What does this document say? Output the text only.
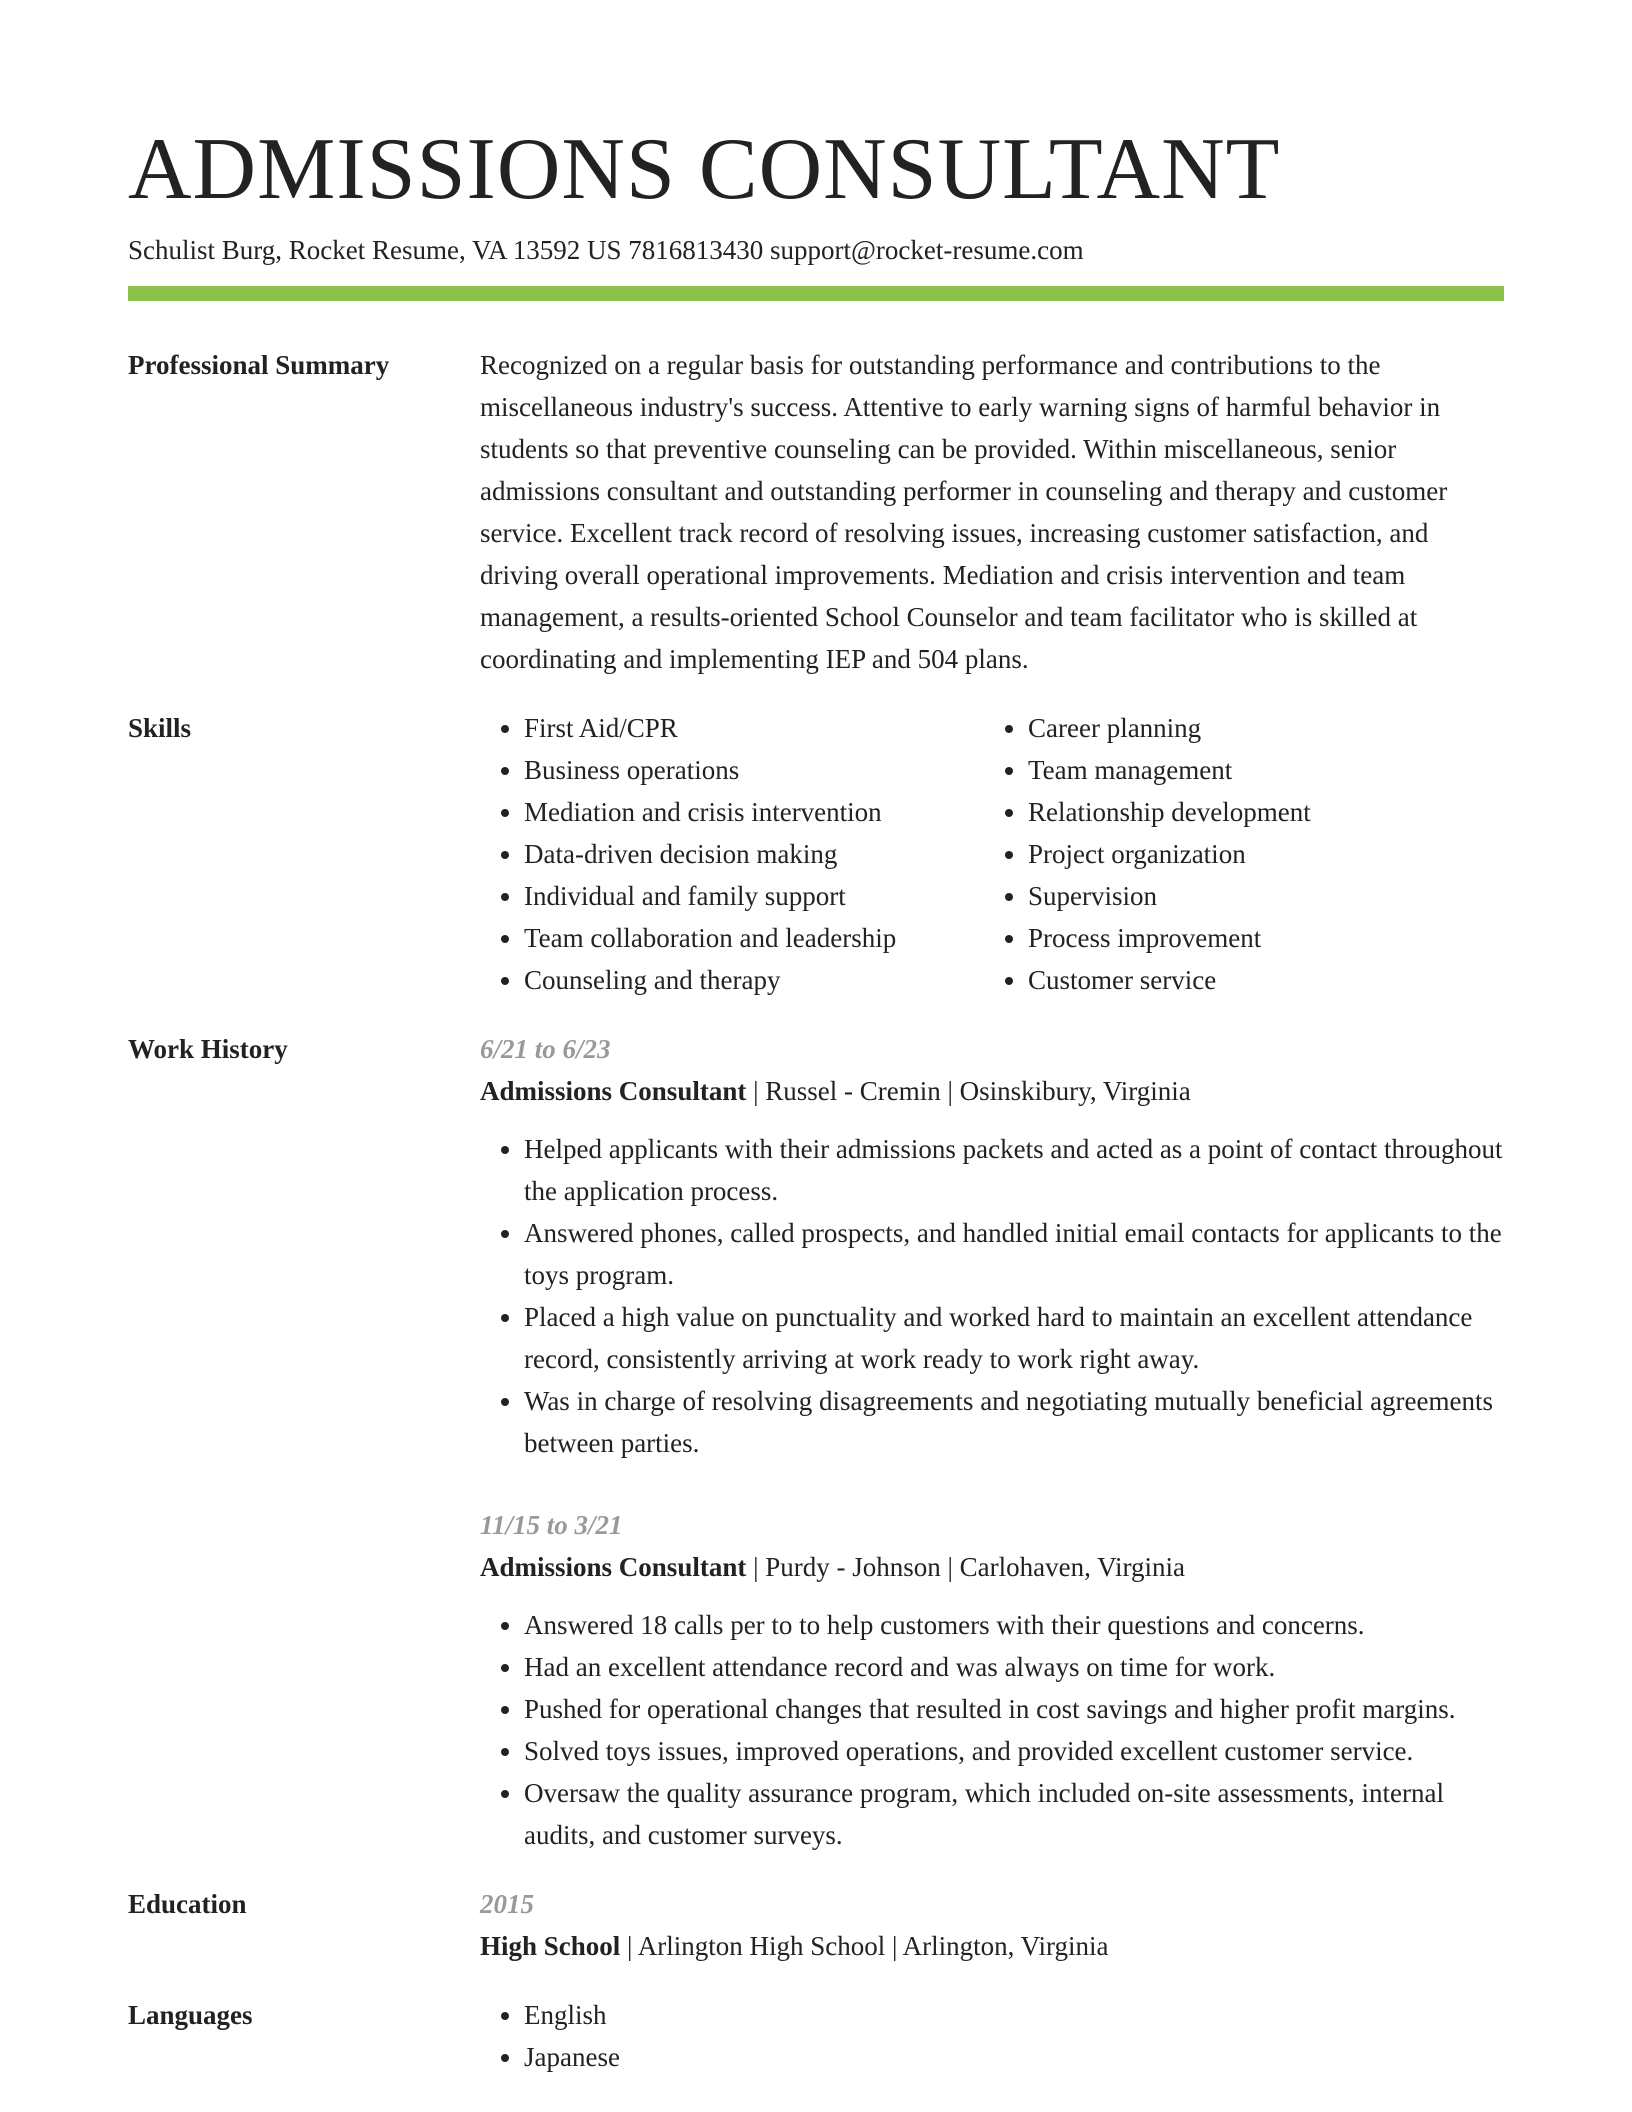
ADMISSIONS CONSULTANT
Schulist Burg, Rocket Resume, VA 13592 US 7816813430 support@rocket-resume.com
Professional Summary	Recognized on a regular basis for outstanding performance and contributions to the miscellaneous industry's success. Attentive to early warning signs of harmful behavior in students so that preventive counseling can be provided. Within miscellaneous, senior admissions consultant and outstanding performer in counseling and therapy and customer service. Excellent track record of resolving issues, increasing customer satisfaction, and driving overall operational improvements. Mediation and crisis intervention and team management, a results-oriented School Counselor and team facilitator who is skilled at coordinating and implementing IEP and 504 plans.

Skills	• First Aid/CPR
• Business operations
• Mediation and crisis intervention
• Data-driven decision making
• Individual and family support
• Team collaboration and leadership
• Counseling and therapy
• Career planning
• Team management
• Relationship development
• Project organization
• Supervision
• Process improvement
• Customer service
Work History	6/21 to 6/23
Admissions Consultant | Russel - Cremin | Osinskibury, Virginia
• Helped applicants with their admissions packets and acted as a point of contact throughout the application process.
• Answered phones, called prospects, and handled initial email contacts for applicants to the toys program.
• Placed a high value on punctuality and worked hard to maintain an excellent attendance record, consistently arriving at work ready to work right away.
• Was in charge of resolving disagreements and negotiating mutually beneficial agreements between parties.
11/15 to 3/21
Admissions Consultant | Purdy - Johnson | Carlohaven, Virginia
• Answered 18 calls per to to help customers with their questions and concerns.
• Had an excellent attendance record and was always on time for work.
• Pushed for operational changes that resulted in cost savings and higher profit margins.
• Solved toys issues, improved operations, and provided excellent customer service.
• Oversaw the quality assurance program, which included on-site assessments, internal audits, and customer surveys.
Education	2015
High School | Arlington High School | Arlington, Virginia
Languages	• English
• Japanese
